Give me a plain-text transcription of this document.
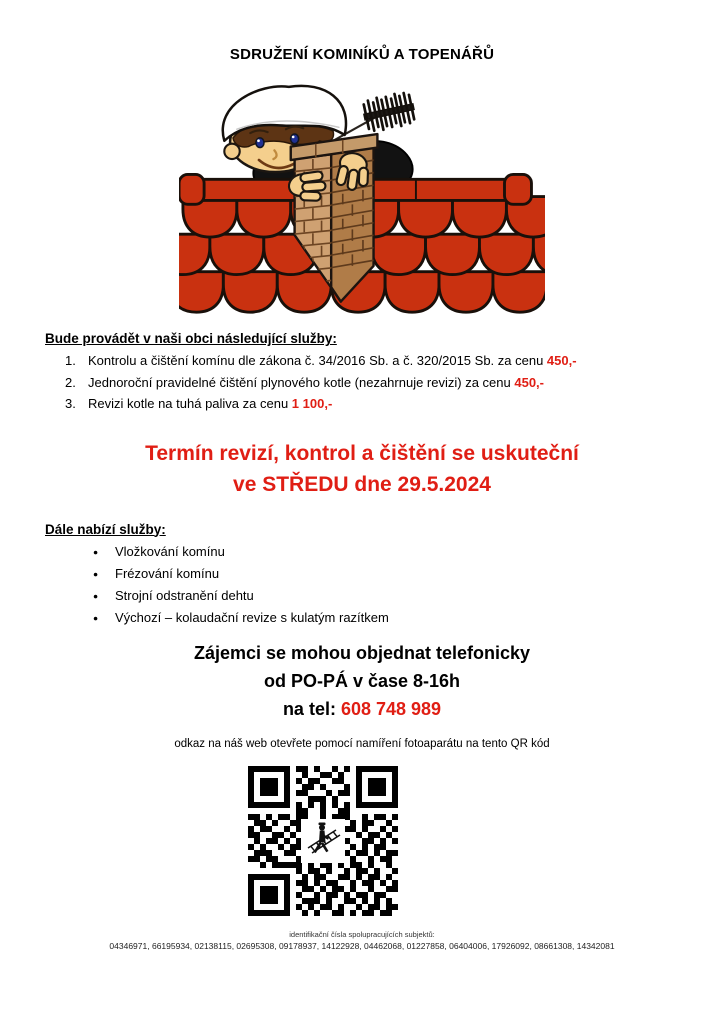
SDRUŽENÍ KOMINÍKŮ A TOPENÁŘŮ
Bude provádět v naši obci následující služby:
1. Kontrolu a čištění komínu dle zákona č. 34/2016 Sb. a č. 320/2015 Sb. za cenu 450,-
2. Jednoroční pravidelné čištění plynového kotle (nezahrnuje revizi) za cenu 450,-
3. Revizi kotle na tuhá paliva za cenu 1 100,-
Termín revizí, kontrol a čištění se uskuteční
ve STŘEDU dne 29.5.2024
Dále nabízí služby:
● Vložkování komínu
● Frézování komínu
● Strojní odstranění dehtu
● Výchozí – kolaudační revize s kulatým razítkem
Zájemci se mohou objednat telefonicky
od PO-PÁ v čase 8-16h
na tel: 608 748 989
odkaz na náš web otevřete pomocí namíření fotoaparátu na tento QR kód
identifikační čísla spolupracujících subjektů:
04346971, 66195934, 02138115, 02695308, 09178937, 14122928, 04462068, 01227858, 06404006, 17926092, 08661308, 14342081
